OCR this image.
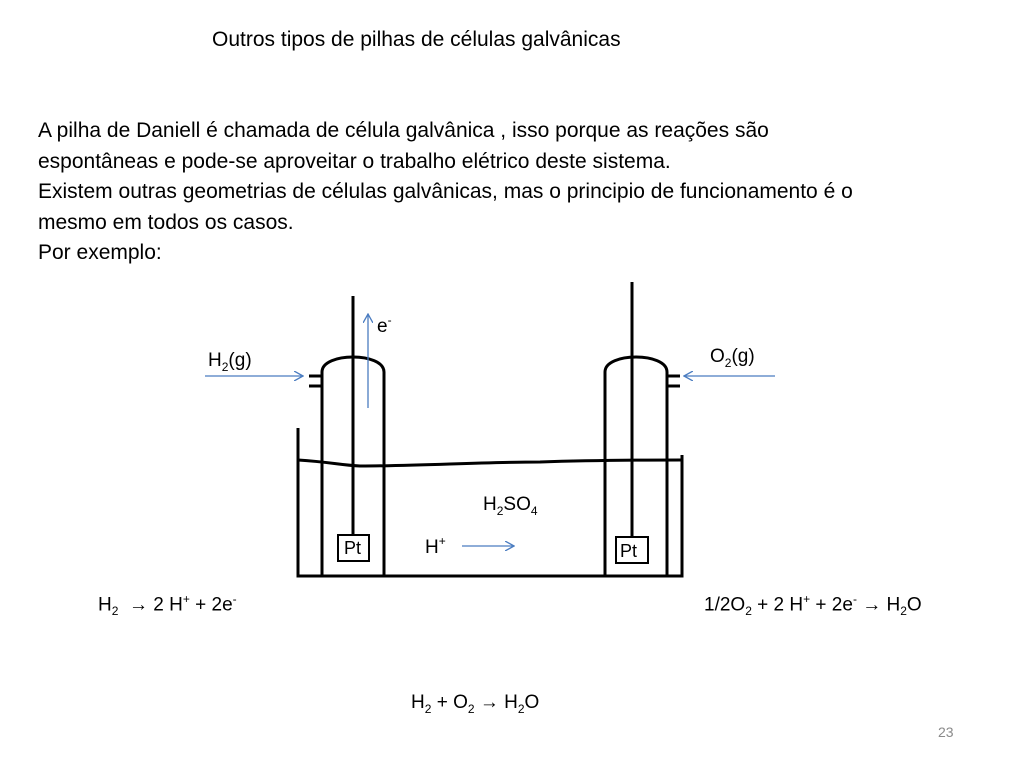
Outros tipos de pilhas de células galvânicas
A pilha de Daniell é chamada de célula galvânica , isso porque as reações são
espontâneas e pode-se aproveitar o trabalho elétrico deste sistema.
Existem outras geometrias de células galvânicas, mas o principio de funcionamento é o
mesmo em todos os casos.
Por exemplo:
Pt	Pt
e-
$H_2(g)$	$O_2(g)$
$H_2SO_4$
H+
$H_2 \to 2$ H+ + 2e-	$1/2O_2 + 2$ $H^+ + 2e^- \to H_2O$
$H_2 + O_2 \to H_2O$
23
